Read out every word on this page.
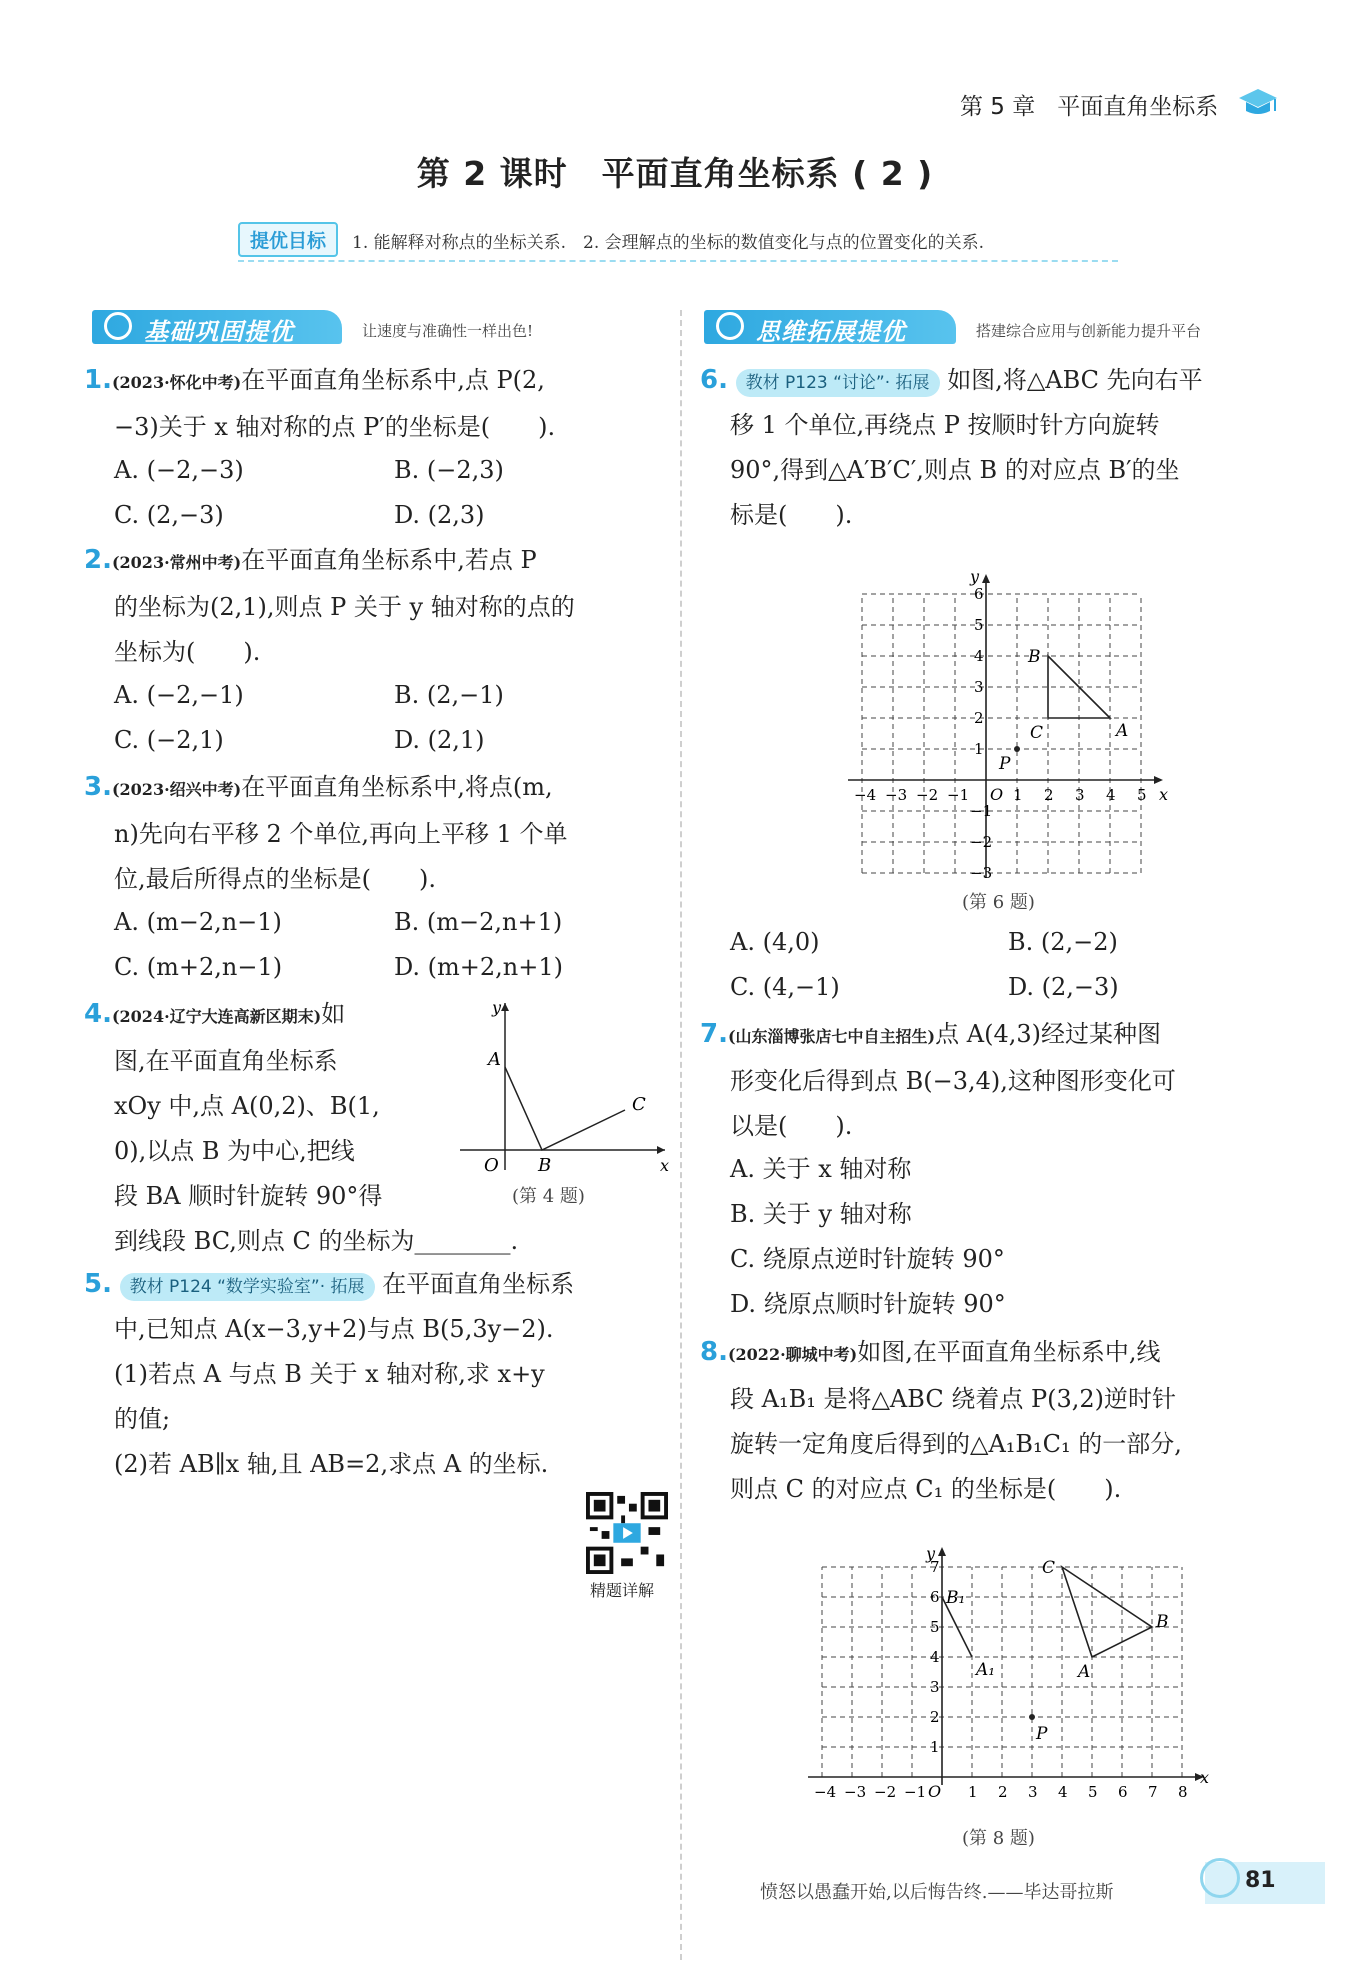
第 5 章 平面直角坐标系
第 2 课时　平面直角坐标系 ( 2 )
提优目标	1. 能解释对称点的坐标关系.　2. 会理解点的坐标的数值变化与点的位置变化的关系.
基础巩固提优	让速度与准确性一样出色!	思维拓展提优	搭建综合应用与创新能力提升平台
1.(2023·怀化中考)在平面直角坐标系中,点 P(2,
−3)关于 x 轴对称的点 P′的坐标是(　　).
A. (−2,−3)	B. (−2,3)
C. (2,−3)	D. (2,3)
2.(2023·常州中考)在平面直角坐标系中,若点 P
的坐标为(2,1),则点 P 关于 y 轴对称的点的
坐标为(　　).
A. (−2,−1)	B. (2,−1)
C. (−2,1)	D. (2,1)
3.(2023·绍兴中考)在平面直角坐标系中,将点(m,
n)先向右平移 2 个单位,再向上平移 1 个单
位,最后所得点的坐标是(　　).
A. (m−2,n−1)	B. (m−2,n+1)
C. (m+2,n−1)	D. (m+2,n+1)
4.(2024·辽宁大连高新区期末)如
图,在平面直角坐标系
xOy 中,点 A(0,2)、B(1,
0),以点 B 为中心,把线
段 BA 顺时针旋转 90°得
到线段 BC,则点 C 的坐标为________.
y
x
A
B
C
O
(第 4 题)
5. 教材 P124 “数学实验室”· 拓展 在平面直角坐标系
中,已知点 A(x−3,y+2)与点 B(5,3y−2).
(1)若点 A 与点 B 关于 x 轴对称,求 x+y
的值;
(2)若 AB∥x 轴,且 AB=2,求点 A 的坐标.
精题详解
6. 教材 P123 “讨论”· 拓展 如图,将△ABC 先向右平
移 1 个单位,再绕点 P 按顺时针方向旋转
90°,得到△A′B′C′,则点 B 的对应点 B′的坐
标是(　　).
−4 −3 −2 −1	1 2 3 4 5
−3
−2
−1
1
2
3
4
5
6
A
B
C
P
O	x
y
(第 6 题)
A. (4,0)	B. (2,−2)
C. (4,−1)	D. (2,−3)
7.(山东淄博张店七中自主招生)点 A(4,3)经过某种图
形变化后得到点 B(−3,4),这种图形变化可
以是(　　).
A. 关于 x 轴对称
B. 关于 y 轴对称
C. 绕原点逆时针旋转 90°
D. 绕原点顺时针旋转 90°
8.(2022·聊城中考)如图,在平面直角坐标系中,线
段 A₁B₁ 是将△ABC 绕着点 P(3,2)逆时针
旋转一定角度后得到的△A₁B₁C₁ 的一部分,
则点 C 的对应点 C₁ 的坐标是(　　).
−4 −3 −2 −1	1 2 3 4 5 6 7 8
1
2
3
4
5
6
7	C
B
A
B₁
A₁
P
O
x
y
(第 8 题)
愤怒以愚蠢开始,以后悔告终.——毕达哥拉斯	81
